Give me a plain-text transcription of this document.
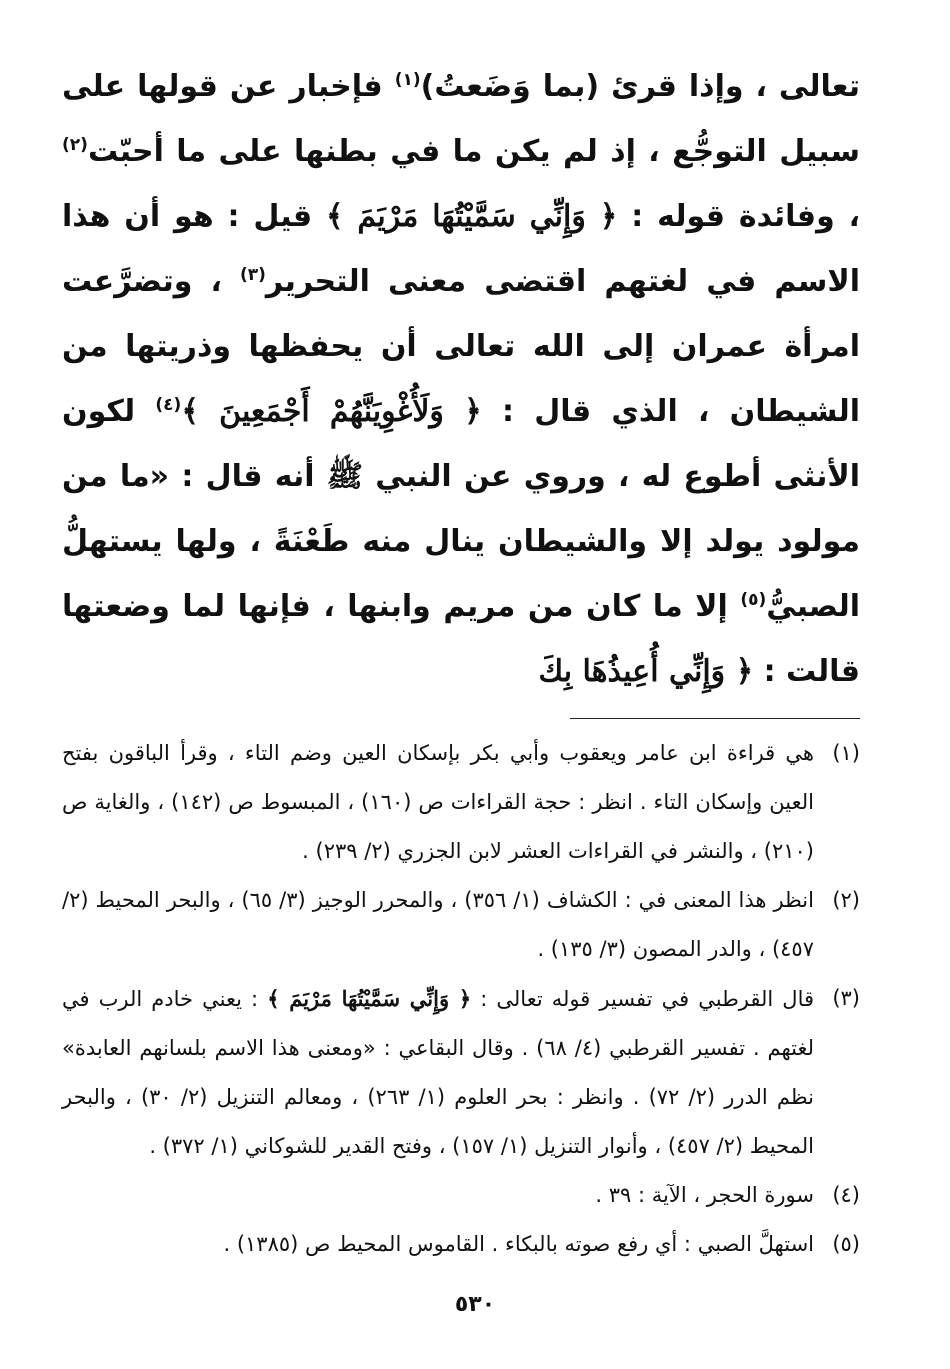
تعالى ، وإذا قرئ (بما وَضَعتُ)$^{(١)}$ فإخبار عن قولها على سبيل التوجُّع ، إذ لم يكن ما في بطنها على ما أحبّت$^{(٢)}$ ، وفائدة قوله : ﴿ وَإِنِّي سَمَّيْتُهَا مَرْيَمَ ﴾ قيل : هو أن هذا الاسم في لغتهم اقتضى معنى التحرير$^{(٣)}$ ، وتضرَّعت امرأة عمران إلى الله تعالى أن يحفظها وذريتها من الشيطان ، الذي قال : ﴿ وَلَأُغْوِيَنَّهُمْ أَجْمَعِينَ ﴾$^{(٤)}$ لكون الأنثى أطوع له ، وروي عن النبي ﷺ أنه قال : «ما من مولود يولد إلا والشيطان ينال منه طَعْنَةً ، ولها يستهلُّ الصبيُّ$^{(٥)}$ إلا ما كان من مريم وابنها ، فإنها لما وضعتها قالت : ﴿ وَإِنِّي أُعِيذُهَا بِكَ

(١)
هي قراءة ابن عامر ويعقوب وأبي بكر بإسكان العين وضم التاء ، وقرأ الباقون بفتح العين وإسكان التاء . انظر : حجة القراءات ص (١٦٠) ، المبسوط ص (١٤٢) ، والغاية ص (٢١٠) ، والنشر في القراءات العشر لابن الجزري (٢/ ٢٣٩) .
(٢)
انظر هذا المعنى في : الكشاف (١/ ٣٥٦) ، والمحرر الوجيز (٣/ ٦٥) ، والبحر المحيط (٢/ ٤٥٧) ، والدر المصون (٣/ ١٣٥) .
(٣)
قال القرطبي في تفسير قوله تعالى : ﴿ وَإِنِّي سَمَّيْتُهَا مَرْيَمَ ﴾ : يعني خادم الرب في لغتهم . تفسير القرطبي (٤/ ٦٨) . وقال البقاعي : «ومعنى هذا الاسم بلسانهم العابدة» نظم الدرر (٢/ ٧٢) . وانظر : بحر العلوم (١/ ٢٦٣) ، ومعالم التنزيل (٢/ ٣٠) ، والبحر المحيط (٢/ ٤٥٧) ، وأنوار التنزيل (١/ ١٥٧) ، وفتح القدير للشوكاني (١/ ٣٧٢) .
(٤)
سورة الحجر ، الآية : ٣٩ .
(٥)
استهلَّ الصبي : أي رفع صوته بالبكاء . القاموس المحيط ص (١٣٨٥) .
٥٣٠
